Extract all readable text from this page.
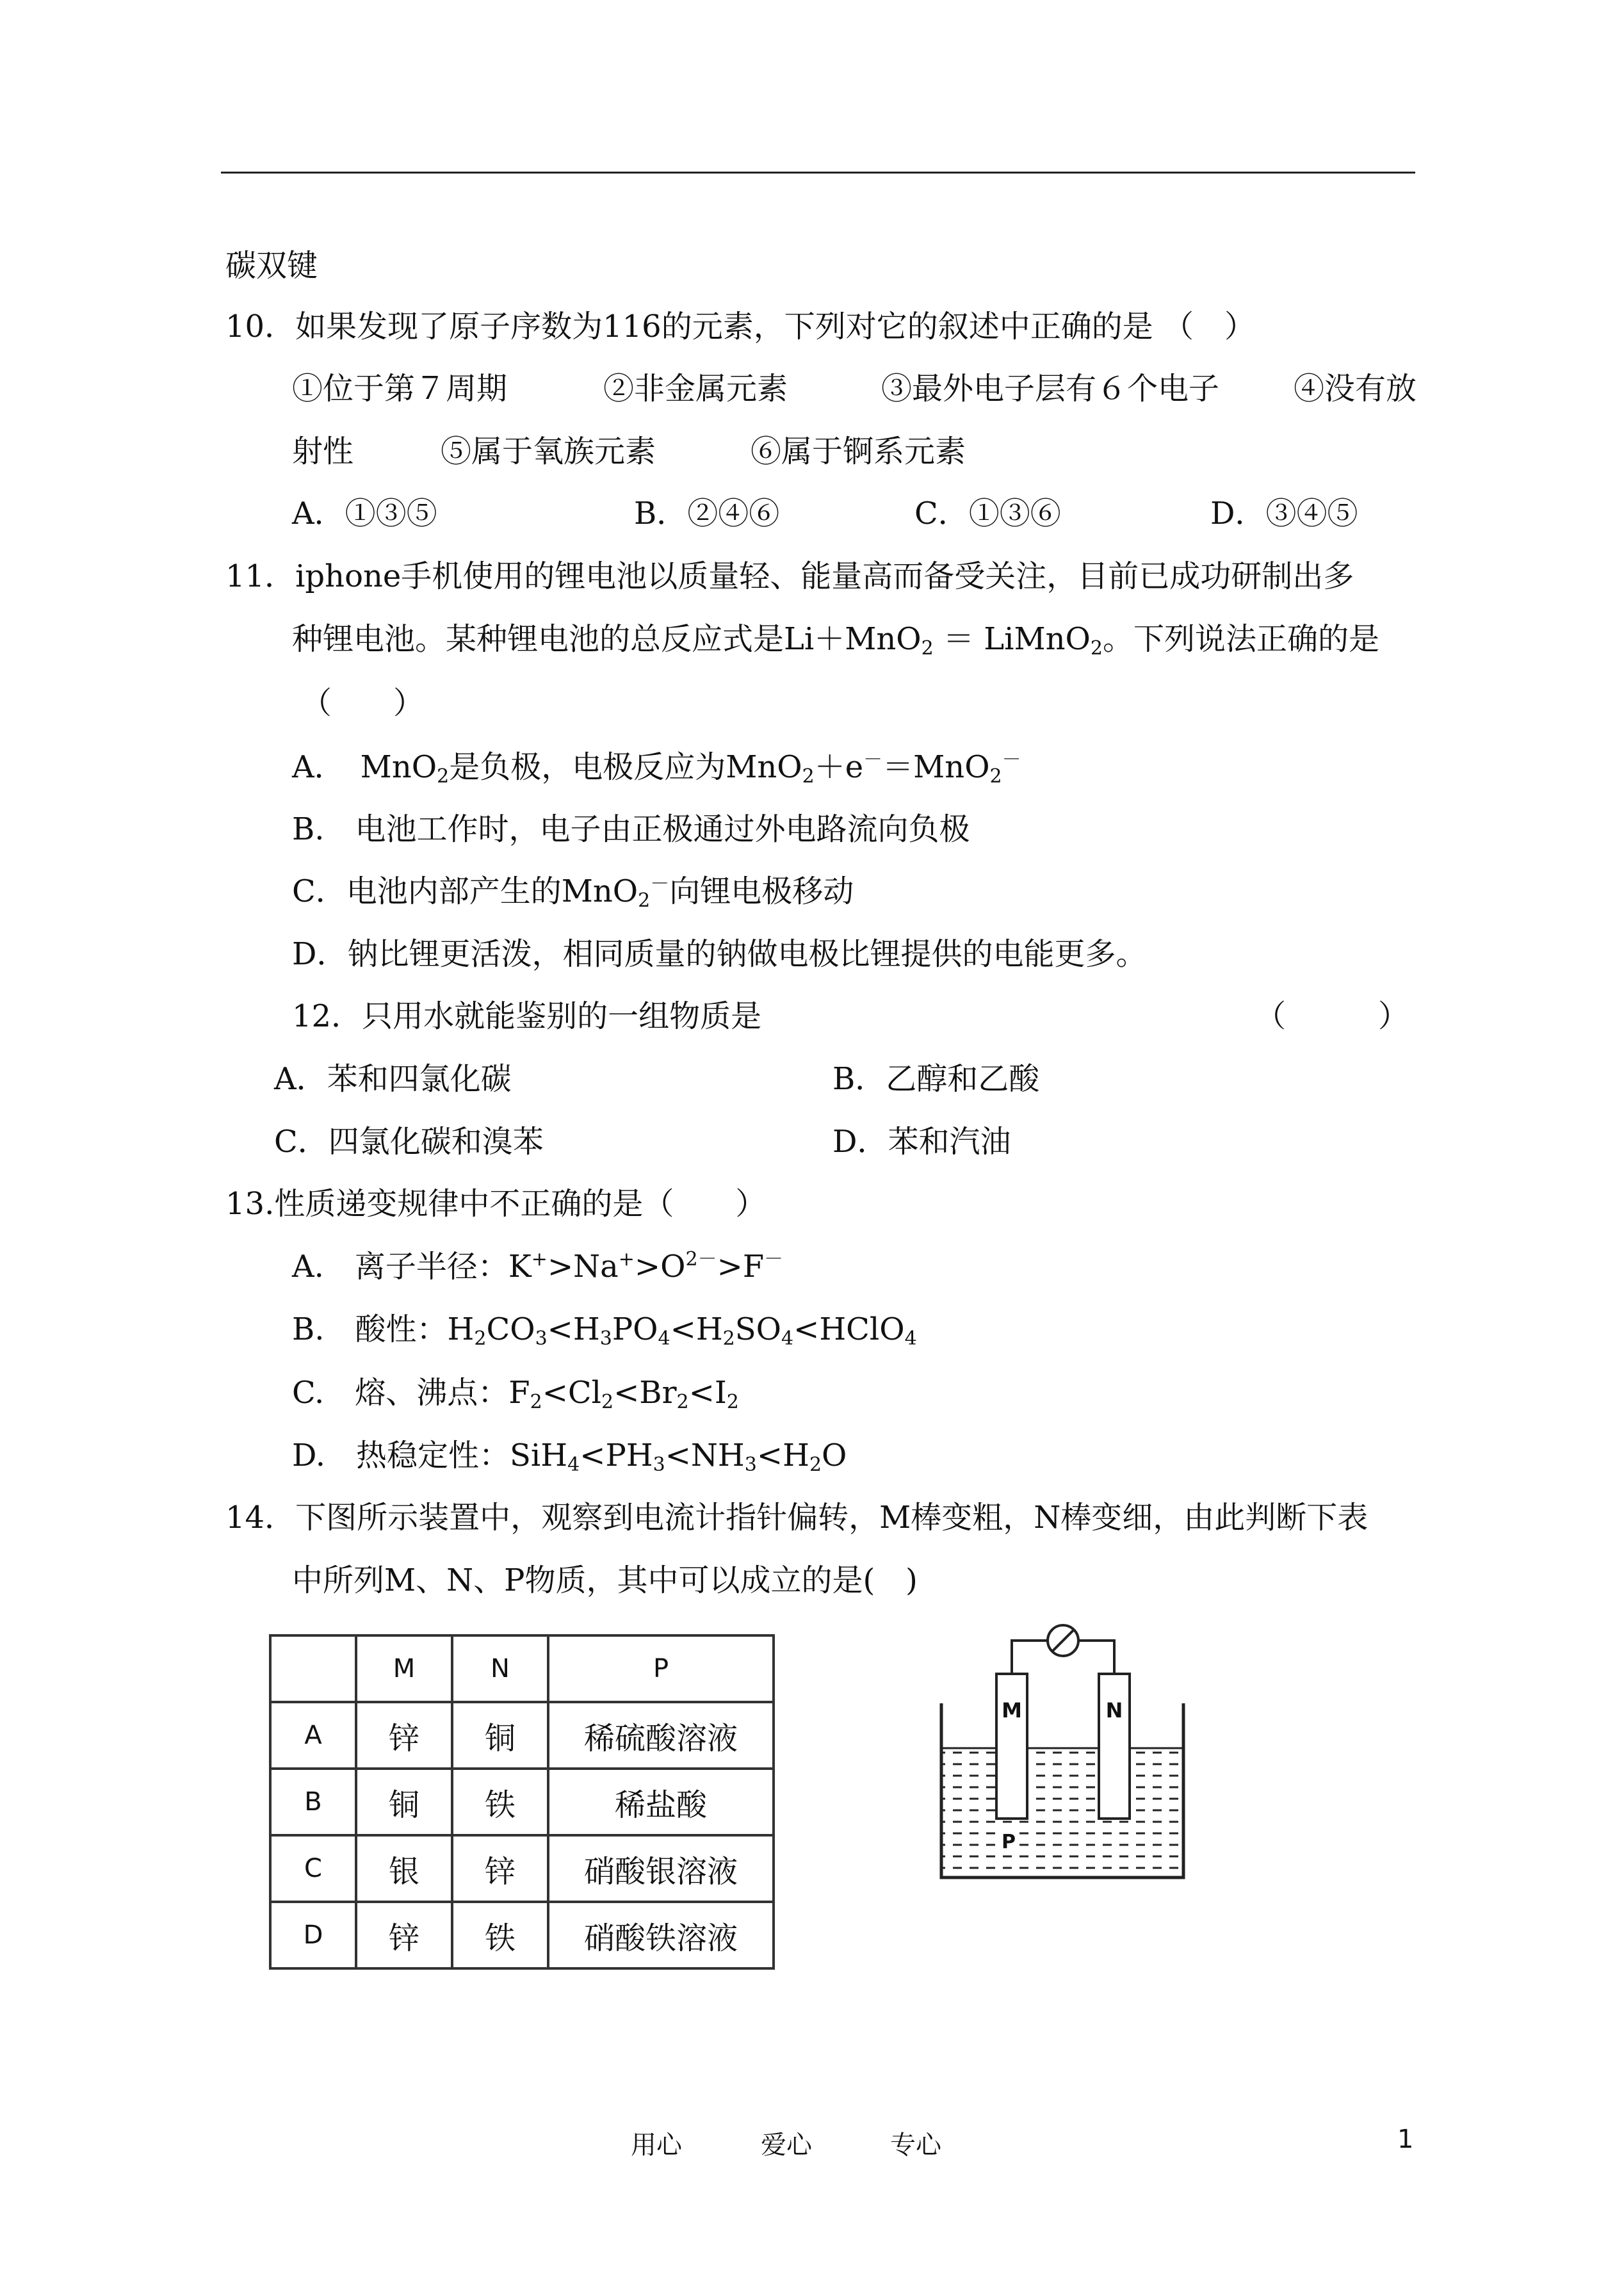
碳双键
10．如果发现了原子序数为116的元素，下列对它的叙述中正确的是 （　）
①位于第７周期	②非金属元素	③最外电子层有６个电子 ④没有放
射性	⑤属于氧族元素	⑥属于锕系元素
A．①③⑤	B．②④⑥	C．①③⑥	D．③④⑤
11．iphone手机使用的锂电池以质量轻、能量高而备受关注，目前已成功研制出多
种锂电池。某种锂电池的总反应式是Li＋MnO$_2$ ＝ LiMnO$_2$。下列说法正确的是
（　　）
A．　MnO$_2$是负极，电极反应为MnO$_2$＋e－＝MnO$_2$－
B.　电池工作时，电子由正极通过外电路流向负极
C．电池内部产生的MnO$_2$－向锂电极移动
D．钠比锂更活泼，相同质量的钠做电极比锂提供的电能更多。
12．只用水就能鉴别的一组物质是	（　　　）
A．苯和四氯化碳	B．乙醇和乙酸
C．四氯化碳和溴苯	D．苯和汽油
13.性质递变规律中不正确的是（　　）
A.　离子半径：$K^+>Na^+>O^{2-}>F^-$
B.　酸性：$H_2CO_3<H_3PO_4<H_2SO_4<HClO_4$
C.　熔、沸点：$F_2<Cl_2<Br_2<I_2$
D.　热稳定性：$SiH_4<PH_3<NH_3<H_2O$
14．下图所示装置中，观察到电流计指针偏转，M棒变粗，N棒变细，由此判断下表
中所列M、N、P物质，其中可以成立的是(　)
	M	N	P
A	锌	铜	稀硫酸溶液
B	铜	铁	稀盐酸
C	银	锌	硝酸银溶液
D	锌	铁	硝酸铁溶液
M	N
P
用心	爱心	专心	1
